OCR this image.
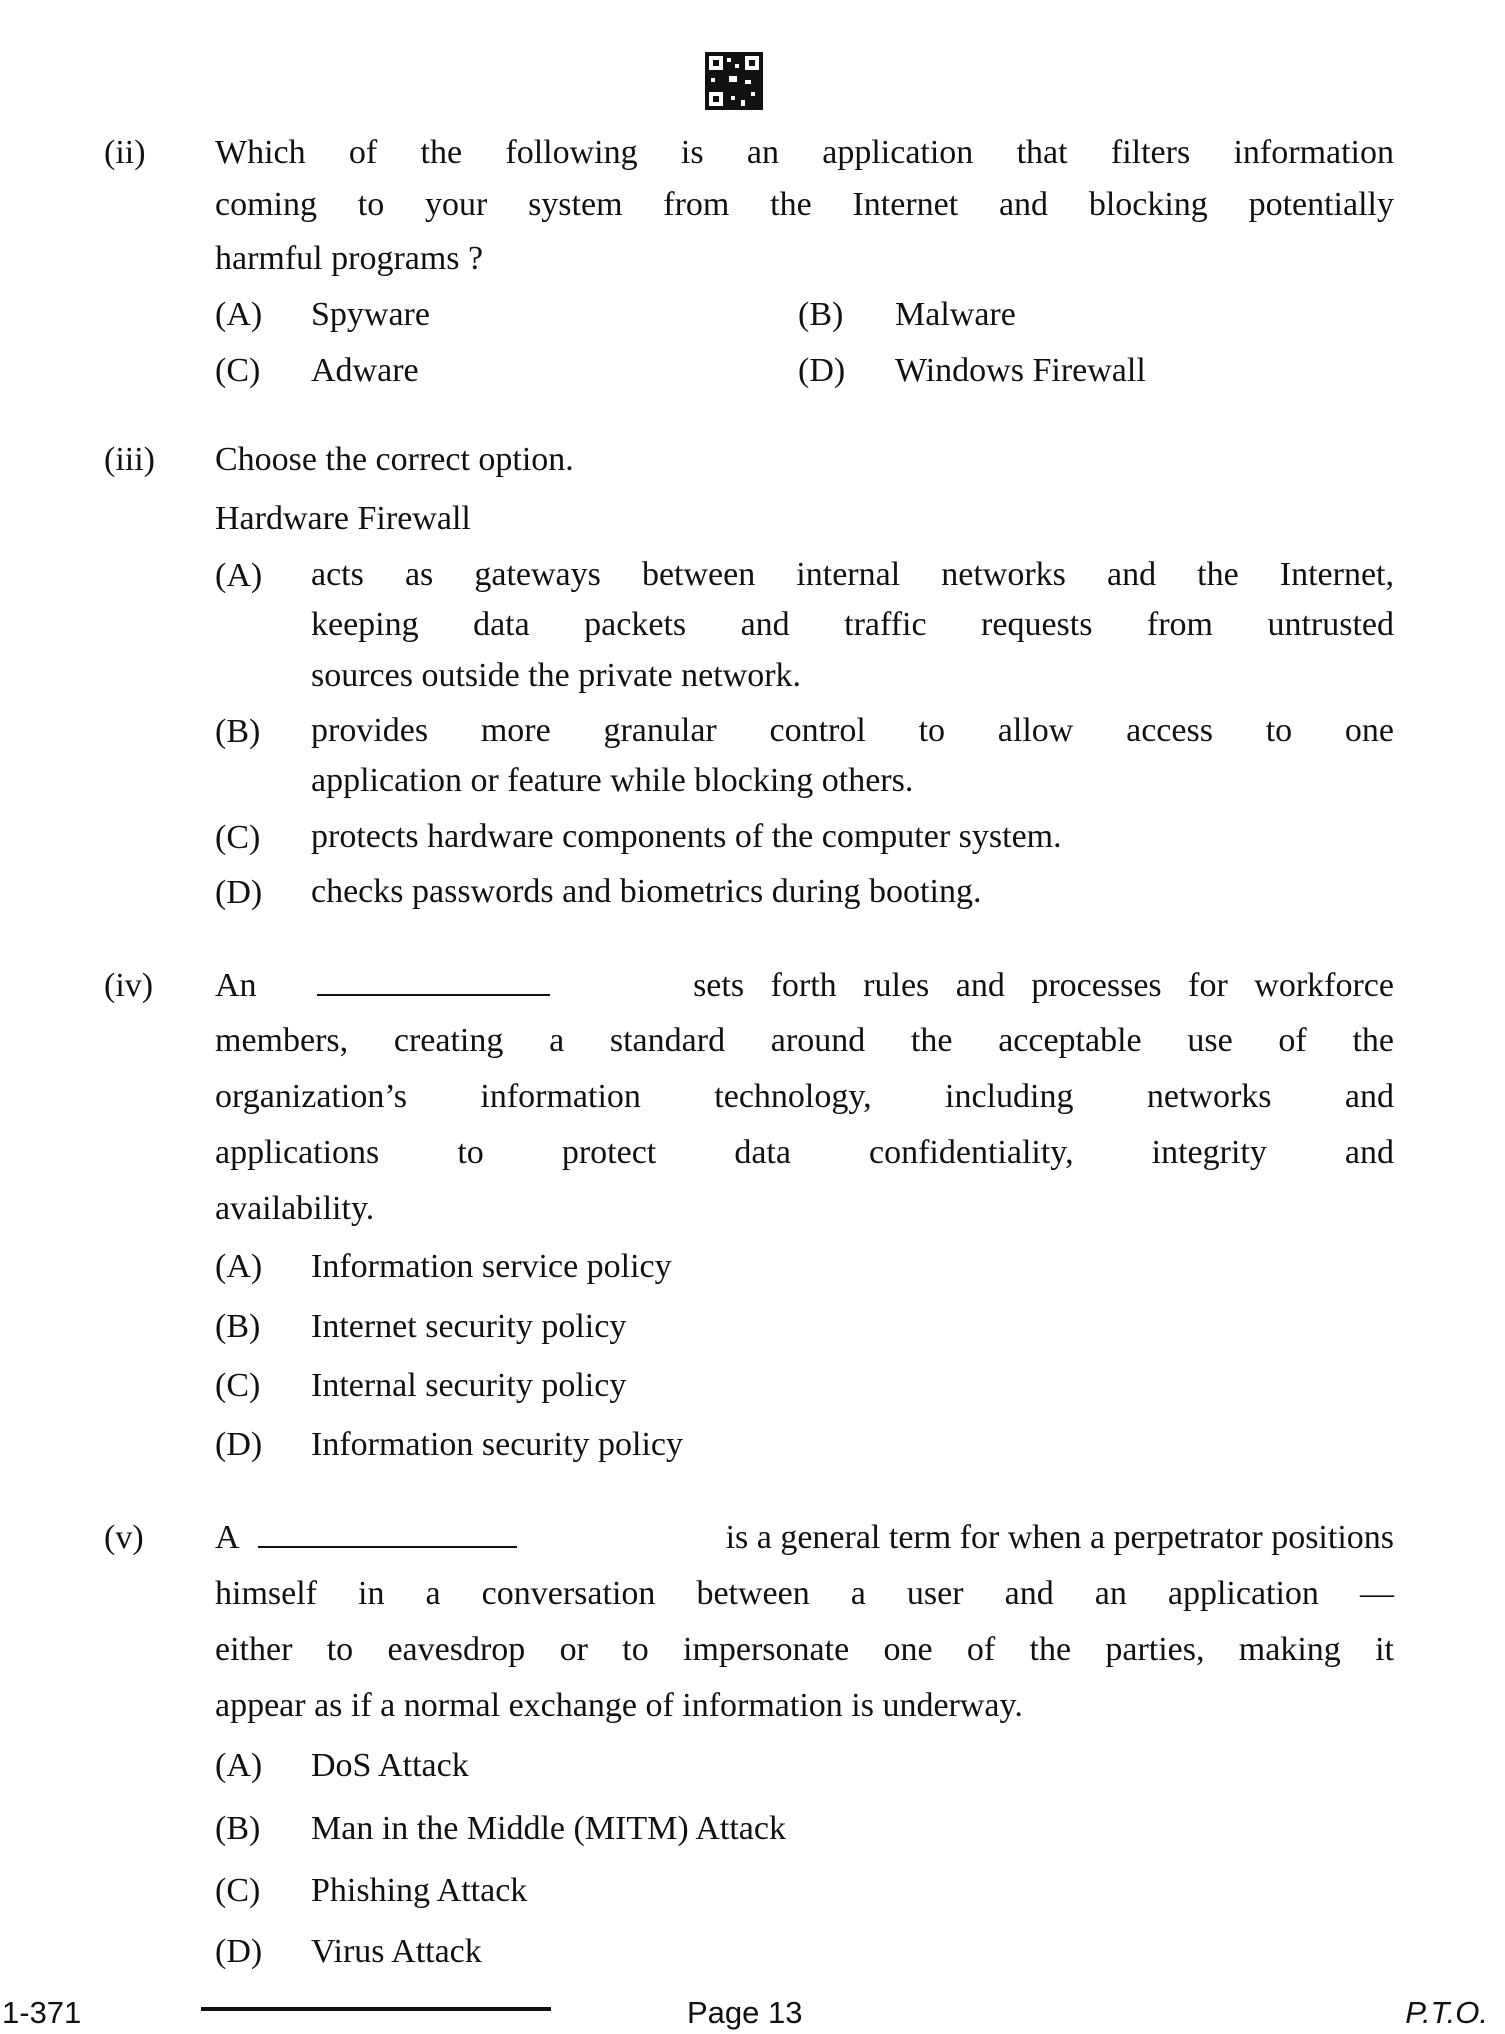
(ii) Which of the following is an application that filters information
coming to your system from the Internet and blocking potentially
harmful programs ?
(A) Spyware	(B) Malware
(C) Adware	(D) Windows Firewall
(iii) Choose the correct option.
Hardware Firewall
(A) acts as gateways between internal networks and the Internet,
keeping data packets and traffic requests from untrusted
sources outside the private network.
(B) provides more granular control to allow access to one
application or feature while blocking others.
(C) protects hardware components of the computer system.
(D) checks passwords and biometrics during booting.
(iv) An	sets forth rules and processes for workforce
members, creating a standard around the acceptable use of the
organization’s information technology, including networks and
applications to protect data confidentiality, integrity and
availability.
(A) Information service policy
(B) Internet security policy
(C) Internal security policy
(D) Information security policy
(v) A	is a general term for when a perpetrator positions
himself in a conversation between a user and an application —
either to eavesdrop or to impersonate one of the parties, making it
appear as if a normal exchange of information is underway.
(A) DoS Attack
(B) Man in the Middle (MITM) Attack
(C) Phishing Attack
(D) Virus Attack
1-371	Page 13	P.T.O.
